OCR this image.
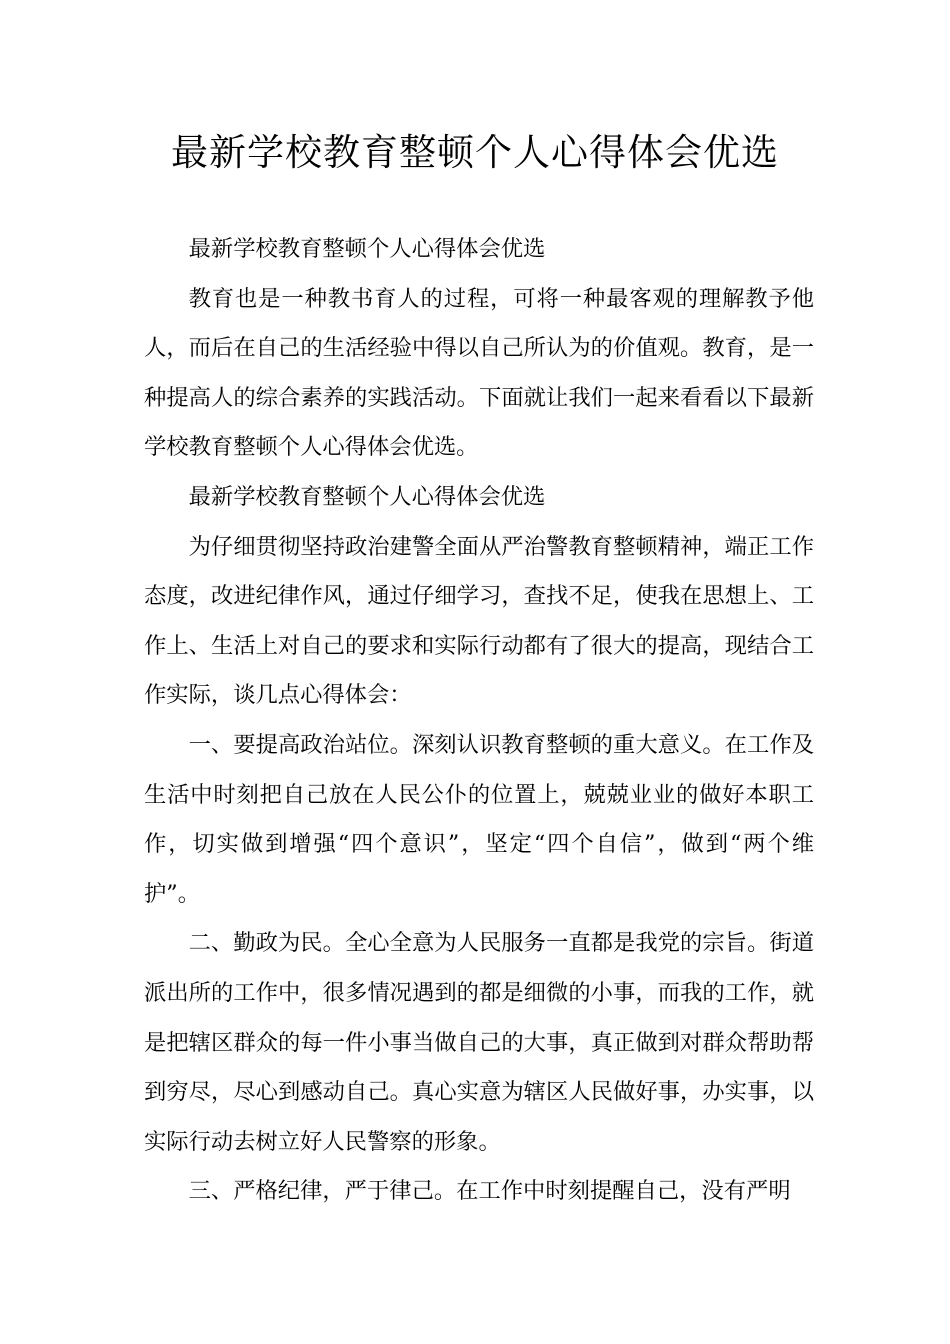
最新学校教育整顿个人心得体会优选

最新学校教育整顿个人心得体会优选

教育也是一种教书育人的过程，可将一种最客观的理解教予他人，而后在自己的生活经验中得以自己所认为的价值观。教育，是一种提高人的综合素养的实践活动。下面就让我们一起来看看以下最新学校教育整顿个人心得体会优选。

最新学校教育整顿个人心得体会优选

为仔细贯彻坚持政治建警全面从严治警教育整顿精神，端正工作态度，改进纪律作风，通过仔细学习，查找不足，使我在思想上、工作上、生活上对自己的要求和实际行动都有了很大的提高，现结合工作实际，谈几点心得体会：

一、要提高政治站位。深刻认识教育整顿的重大意义。在工作及生活中时刻把自己放在人民公仆的位置上，兢兢业业的做好本职工作，切实做到增强“四个意识”，坚定“四个自信”，做到“两个维护”。

二、勤政为民。全心全意为人民服务一直都是我党的宗旨。街道派出所的工作中，很多情况遇到的都是细微的小事，而我的工作，就是把辖区群众的每一件小事当做自己的大事，真正做到对群众帮助帮到穷尽，尽心到感动自己。真心实意为辖区人民做好事，办实事，以实际行动去树立好人民警察的形象。

三、严格纪律，严于律己。在工作中时刻提醒自己，没有严明
